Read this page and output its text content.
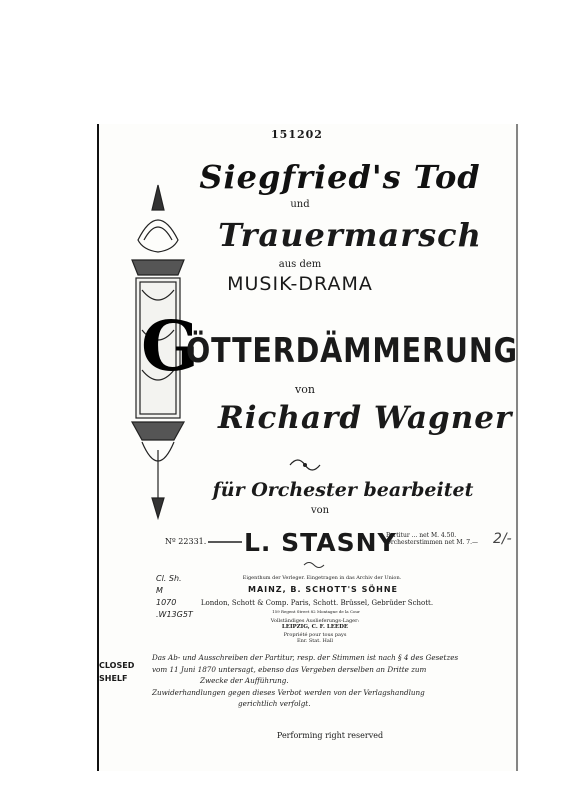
151202
Siegfried's Tod
und
Trauermarsch
aus dem
MUSIK-DRAMA
G
ÖTTERDÄMMERUNG
von
Richard Wagner
für Orchester bearbeitet
von
L. STASNY
Nº 22331.
Partitur ... net M. 4.50.
Orchesterstimmen net M. 7.— 2/-
Cl. Sh.
M
1070
.W13G5T
Eigenthum der Verleger. Eingetragen in das Archiv der Union.
MAINZ, B. SCHOTT'S SÖHNE
London, Schott & Comp. Paris, Schott. Brüssel, Gebrüder Schott.
159 Regent Street 82 Montagne de la Cour
Vollständiges Auslieferungs-Lager:
LEIPZIG, C. F. LEEDE
Propriété pour tous pays
Enr. Stat. Hall
CLOSED
SHELF
Das Ab- und Ausschreiben der Partitur, resp. der Stimmen ist nach § 4 des Gesetzes
vom 11 Juni 1870 untersagt, ebenso das Vergeben derselben an Dritte zum
Zwecke der Aufführung.
Zuwiderhandlungen gegen dieses Verbot werden von der Verlagshandlung
gerichtlich verfolgt.
Performing right reserved
